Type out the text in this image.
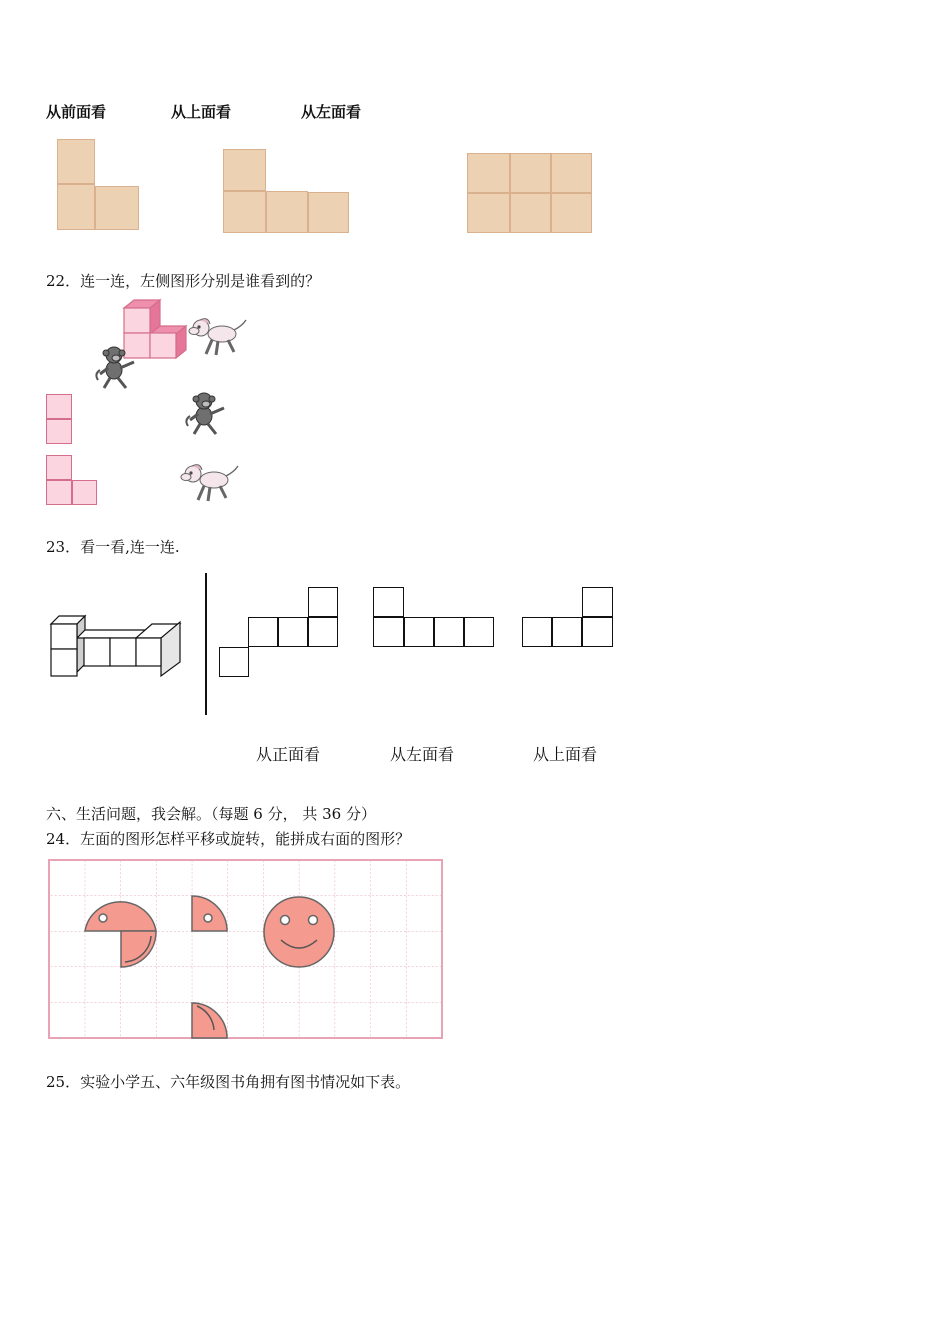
从前面看	从上面看	从左面看
22．连一连，左侧图形分别是谁看到的？
23．看一看,连一连.
从正面看	从左面看	从上面看
六、生活问题，我会解。（每题 6 分， 共 36 分）
24．左面的图形怎样平移或旋转，能拼成右面的图形？
25．实验小学五、六年级图书角拥有图书情况如下表。
